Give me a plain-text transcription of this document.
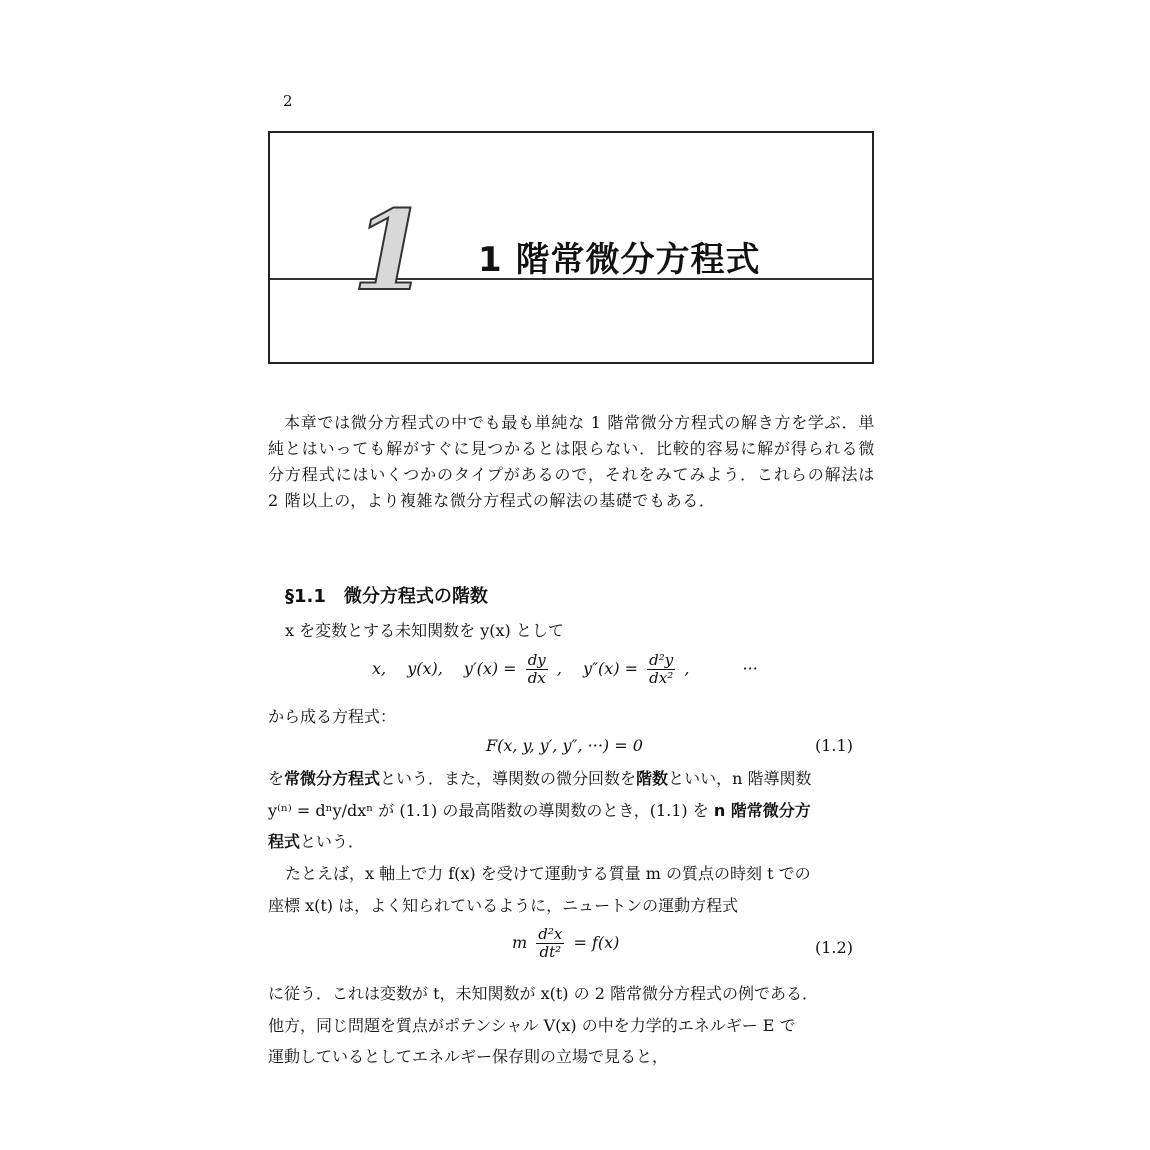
2
1 1 階常微分方程式
本章では微分方程式の中でも最も単純な 1 階常微分方程式の解き方を学ぶ．単純とはいっても解がすぐに見つかるとは限らない．比較的容易に解が得られる微分方程式にはいくつかのタイプがあるので，それをみてみよう．これらの解法は 2 階以上の，より複雑な微分方程式の解法の基礎でもある．
§1.1　微分方程式の階数
x を変数とする未知関数を y(x) として
x,　 y(x),　 $y'(x) = \frac{dy}{dx}$ ,　 $y''(x) = \frac{\text{d²y}}{\text{dx²}}$ ,　　　 ···
から成る方程式：
F(x, y, y′, y″, ···) = 0	(1.1)
を常微分方程式という．また，導関数の微分回数を階数といい，n 階導関数
y⁽ⁿ⁾ = dⁿy/dxⁿ が (1.1) の最高階数の導関数のとき，(1.1) を n 階常微分方
程式という．
たとえば，x 軸上で力 f(x) を受けて運動する質量 m の質点の時刻 t での
座標 x(t) は，よく知られているように，ニュートンの運動方程式
m $\frac{\text{d²x}}{\text{dt²}} = f(x)$	(1.2)
に従う．これは変数が t，未知関数が x(t) の 2 階常微分方程式の例である．
他方，同じ問題を質点がポテンシャル V(x) の中を力学的エネルギー E で
運動しているとしてエネルギー保存則の立場で見ると，
